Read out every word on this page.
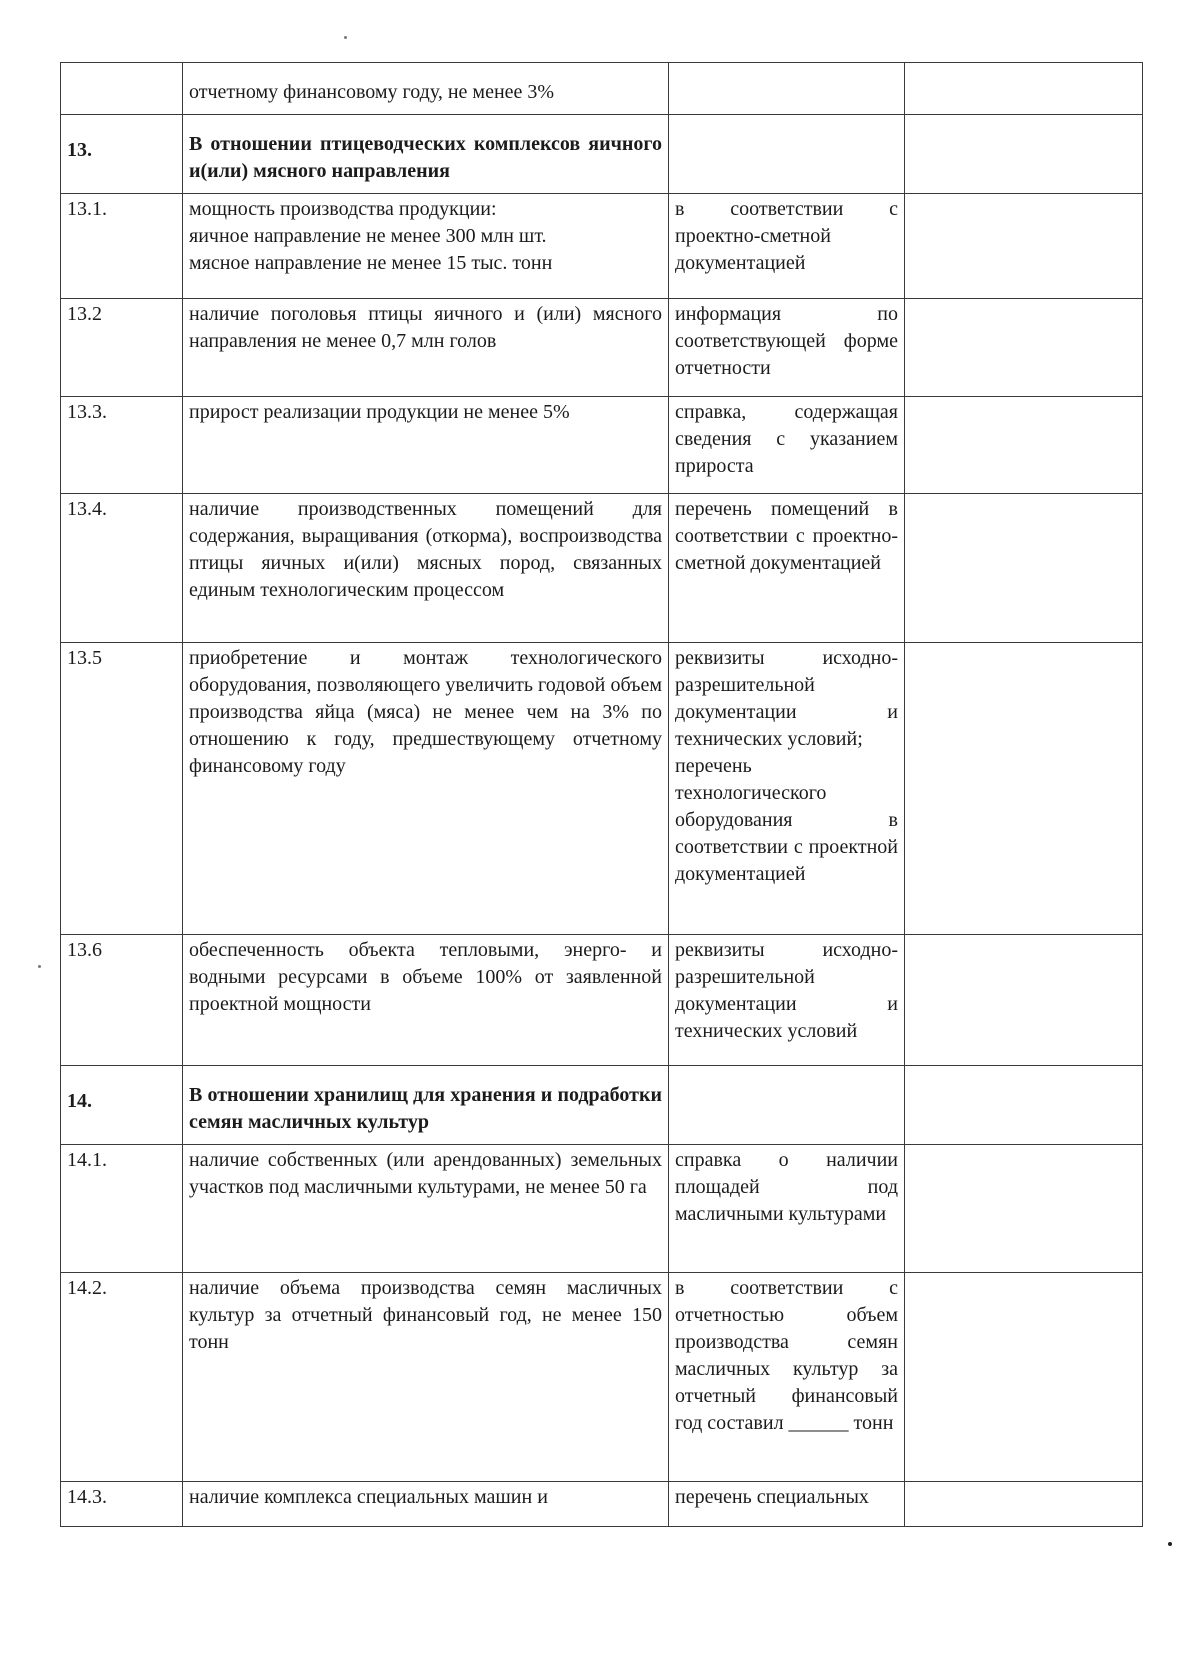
	отчетному финансовому году, не менее 3%		

13.	В отношении птицеводческих комплексов яичного и(или) мясного направления		
13.1.	мощность производства продукции:
яичное направление не менее 300 млн шт.
мясное направление не менее 15 тыс. тонн	в соответствии с проектно-сметной документацией	
13.2	наличие поголовья птицы яичного и (или) мясного направления не менее 0,7 млн голов	информация по соответствующей форме отчетности	
13.3.	прирост реализации продукции не менее 5%	справка, содержащая сведения с указанием прироста	
13.4.	наличие производственных помещений для содержания, выращивания (откорма), воспроизводства птицы яичных и(или) мясных пород, связанных единым технологическим процессом	перечень помещений в соответствии с проектно-сметной документацией	
13.5	приобретение и монтаж технологического оборудования, позволяющего увеличить годовой объем производства яйца (мяса) не менее чем на 3% по отношению к году, предшествующему отчетному финансовому году	реквизиты исходно-разрешительной документации и технических условий;
перечень технологического оборудования в соответствии с проектной документацией	

13.6	обеспеченность объекта тепловыми, энерго- и водными ресурсами в объеме 100% от заявленной проектной мощности	реквизиты исходно-разрешительной документации и технических условий	
14.	В отношении хранилищ для хранения и подработки семян масличных культур		
14.1.	наличие собственных (или арендованных) земельных участков под масличными культурами, не менее 50 га	справка о наличии площадей под масличными культурами	
14.2.	наличие объема производства семян масличных культур за отчетный финансовый год, не менее 150 тонн	в соответствии с отчетностью объем производства семян масличных культур за отчетный финансовый год составил ______ тонн	
14.3.	наличие комплекса специальных машин и	перечень специальных	
